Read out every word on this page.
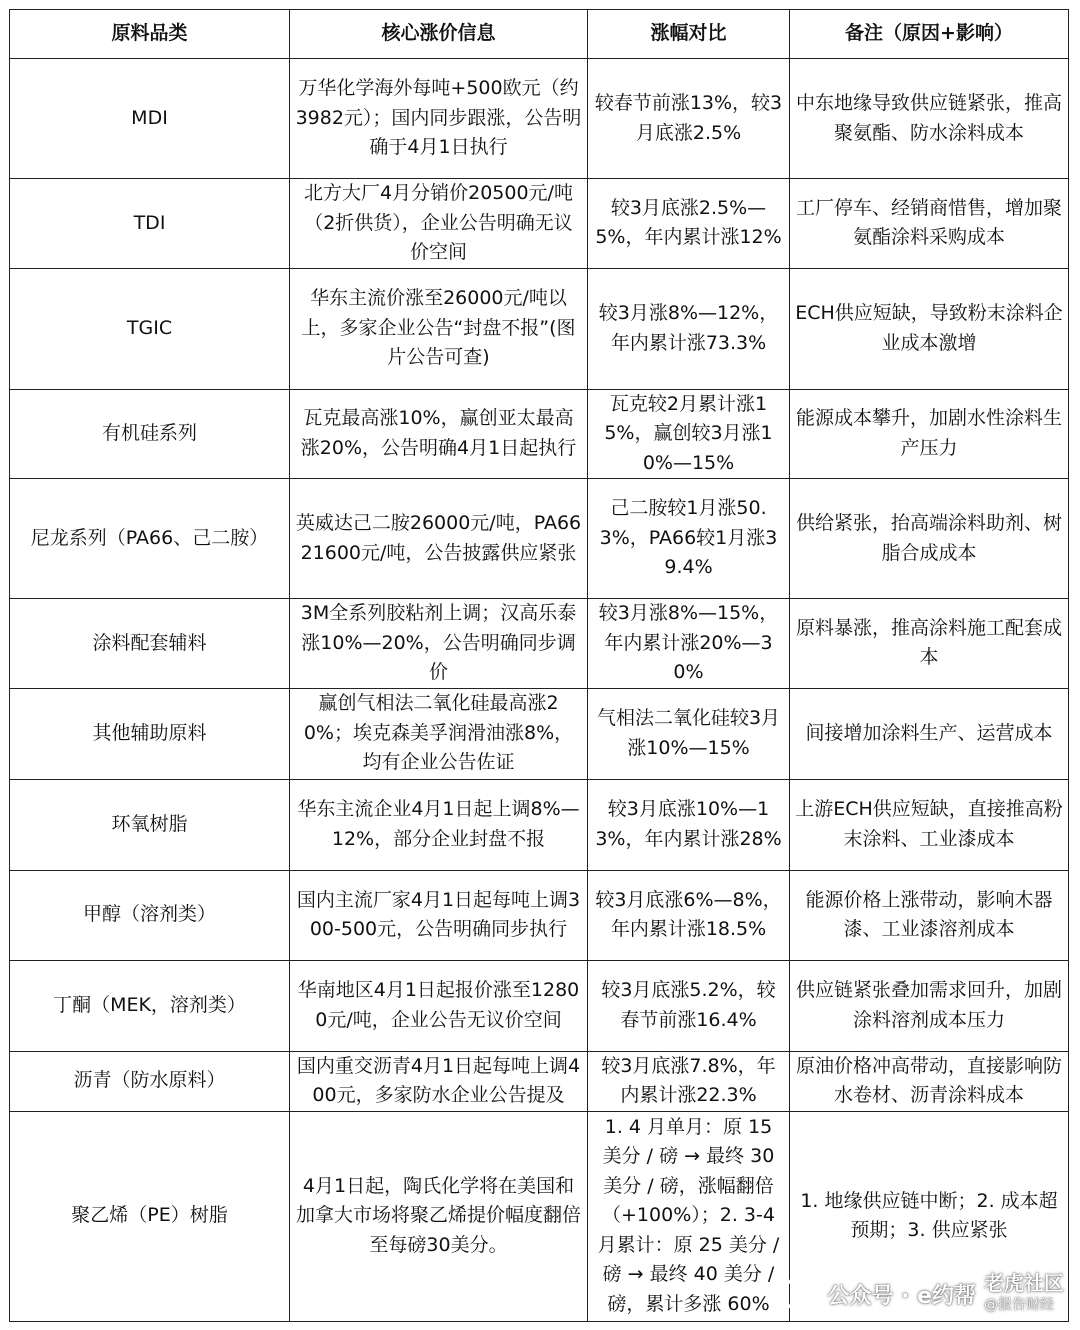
原料品类	核心涨价信息	涨幅对比	备注（原因+影响）
MDI	万华化学海外每吨+500欧元（约3982元）；国内同步跟涨，公告明确于4月1日执行	较春节前涨13%，较3月底涨2.5%	中东地缘导致供应链紧张，推高聚氨酯、防水涂料成本
TDI	北方大厂4月分销价20500元/吨（2折供货），企业公告明确无议价空间	较3月底涨2.5%—5%，年内累计涨12%	工厂停车、经销商惜售，增加聚氨酯涂料采购成本
TGIC	华东主流价涨至26000元/吨以上，多家企业公告“封盘不报”(图片公告可查)	较3月涨8%—12%，年内累计涨73.3%	ECH供应短缺，导致粉末涂料企业成本激增
有机硅系列	瓦克最高涨10%，赢创亚太最高涨20%，公告明确4月1日起执行	瓦克较2月累计涨15%，赢创较3月涨10%—15%	能源成本攀升，加剧水性涂料生产压力
尼龙系列（PA66、己二胺）	英威达己二胺26000元/吨，PA66 21600元/吨，公告披露供应紧张	己二胺较1月涨50.3%，PA66较1月涨39.4%	供给紧张，抬高端涂料助剂、树脂合成成本
涂料配套辅料	3M全系列胶粘剂上调；汉高乐泰涨10%—20%，公告明确同步调价	较3月涨8%—15%，年内累计涨20%—30%	原料暴涨，推高涂料施工配套成本
其他辅助原料	赢创气相法二氧化硅最高涨20%；埃克森美孚润滑油涨8%，均有企业公告佐证	气相法二氧化硅较3月涨10%—15%	间接增加涂料生产、运营成本
环氧树脂	华东主流企业4月1日起上调8%—12%，部分企业封盘不报	较3月底涨10%—13%，年内累计涨28%	上游ECH供应短缺，直接推高粉末涂料、工业漆成本
甲醇（溶剂类）	国内主流厂家4月1日起每吨上调300-500元，公告明确同步执行	较3月底涨6%—8%，年内累计涨18.5%	能源价格上涨带动，影响木器漆、工业漆溶剂成本
丁酮（MEK，溶剂类）	华南地区4月1日起报价涨至12800元/吨，企业公告无议价空间	较3月底涨5.2%，较春节前涨16.4%	供应链紧张叠加需求回升，加剧涂料溶剂成本压力
沥青（防水原料）	国内重交沥青4月1日起每吨上调400元，多家防水企业公告提及	较3月底涨7.8%，年内累计涨22.3%	原油价格冲高带动，直接影响防水卷材、沥青涂料成本
聚乙烯（PE）树脂	4月1日起，陶氏化学将在美国和加拿大市场将聚乙烯提价幅度翻倍至每磅30美分。	1. 4 月单月：原 15 美分 / 磅 → 最终 30 美分 / 磅，涨幅翻倍（+100%）；2. 3-4 月累计：原 25 美分 / 磅 → 最终 40 美分 / 磅，累计多涨 60%	1. 地缘供应链中断；2. 成本超预期；3. 供应紧张
公众号 · e约帮
老虎社区
@报告财经
